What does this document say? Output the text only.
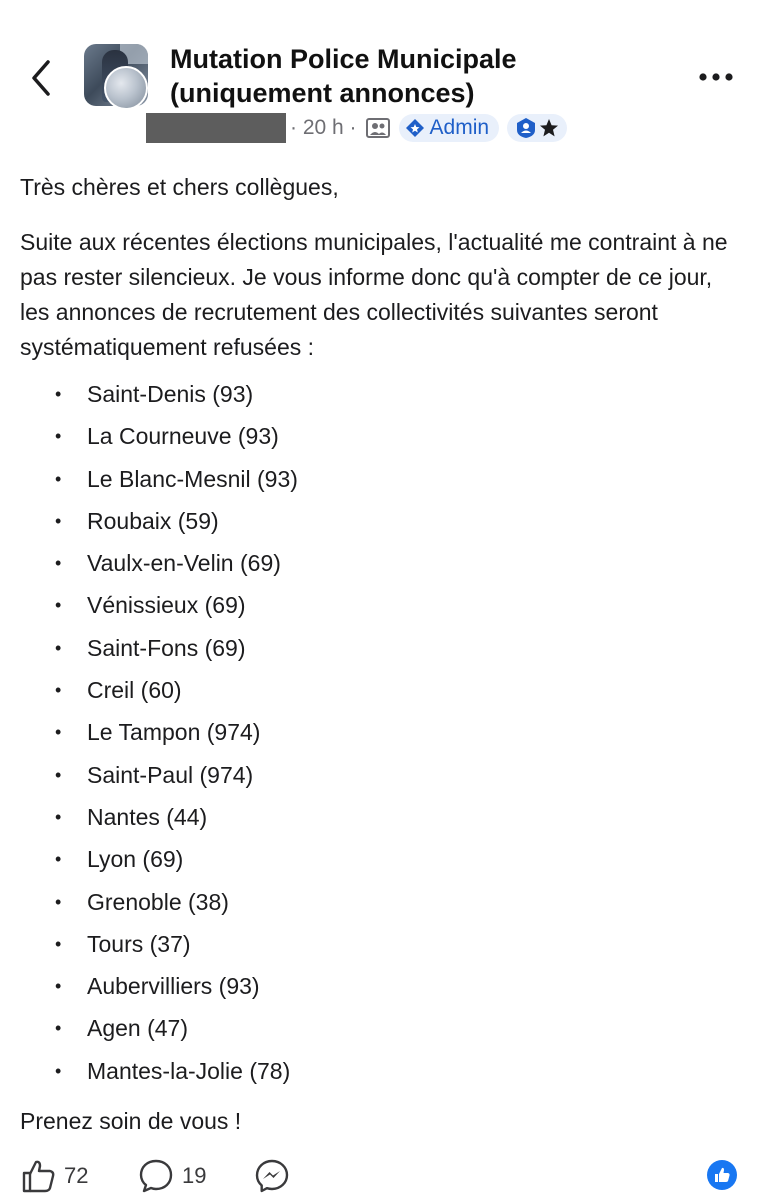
Mutation Police Municipale
(uniquement annonces)
· 20 h ·	Admin

Très chères et chers collègues,

Suite aux récentes élections municipales, l'actualité me contraint à ne pas rester silencieux. Je vous informe donc qu'à compter de ce jour, les annonces de recrutement des collectivités suivantes seront systématiquement refusées :

• Saint-Denis (93)
• La Courneuve (93)
• Le Blanc-Mesnil (93)
• Roubaix (59)
• Vaulx-en-Velin (69)
• Vénissieux (69)
• Saint-Fons (69)
• Creil (60)
• Le Tampon (974)
• Saint-Paul (974)
• Nantes (44)
• Lyon (69)
• Grenoble (38)
• Tours (37)
• Aubervilliers (93)
• Agen (47)
• Mantes-la-Jolie (78)

Prenez soin de vous !

72	19
